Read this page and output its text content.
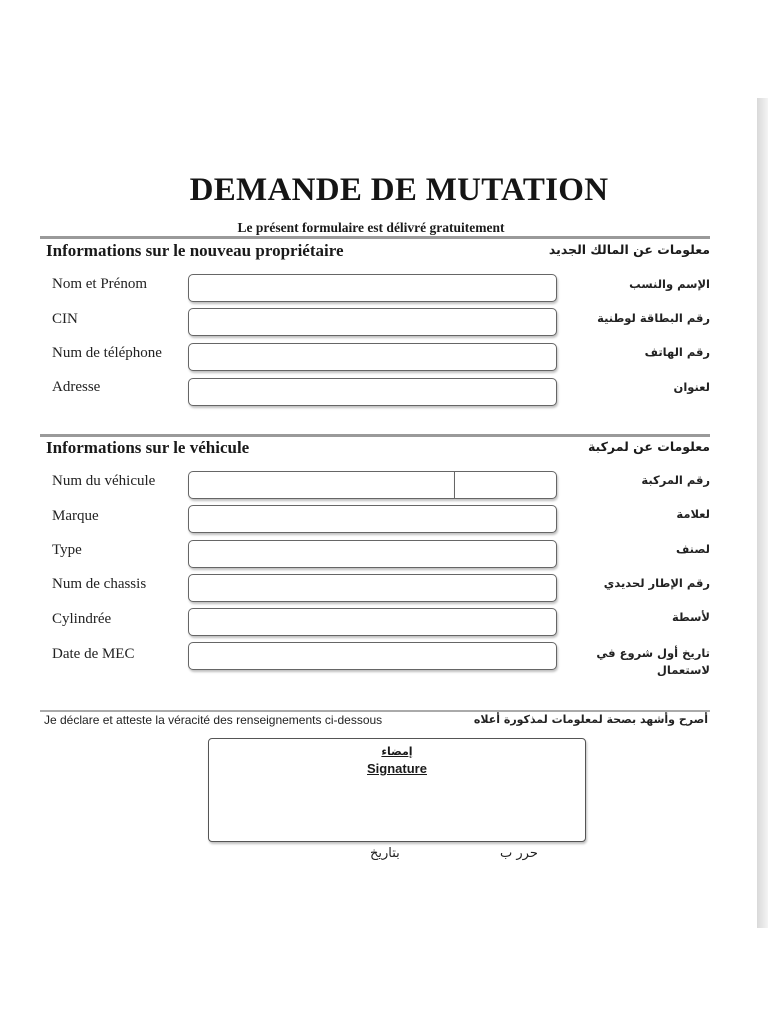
DEMANDE DE MUTATION
Le présent formulaire est délivré gratuitement
Informations sur le nouveau propriétaire	معلومات عن المالك الجديد
Nom et Prénom	الإسم والنسب
CIN	رقم البطاقة لوطنية
Num de téléphone	رقم الهاتف
Adresse	لعنوان
Informations sur le véhicule	معلومات عن لمركبة
Num du véhicule	رقم المركبة
Marque	لعلامة
Type	لصنف
Num de chassis	رقم الإطار لحديدي
Cylindrée	لأسطة
Date de MEC	تاريخ أول شروع في لاستعمال
Je déclare et atteste la véracité des renseignements ci-dessous	أصرح وأشهد بصحة لمعلومات لمذكورة أعلاه
إمضاء
Signature
بتاريخ	حرر ب
